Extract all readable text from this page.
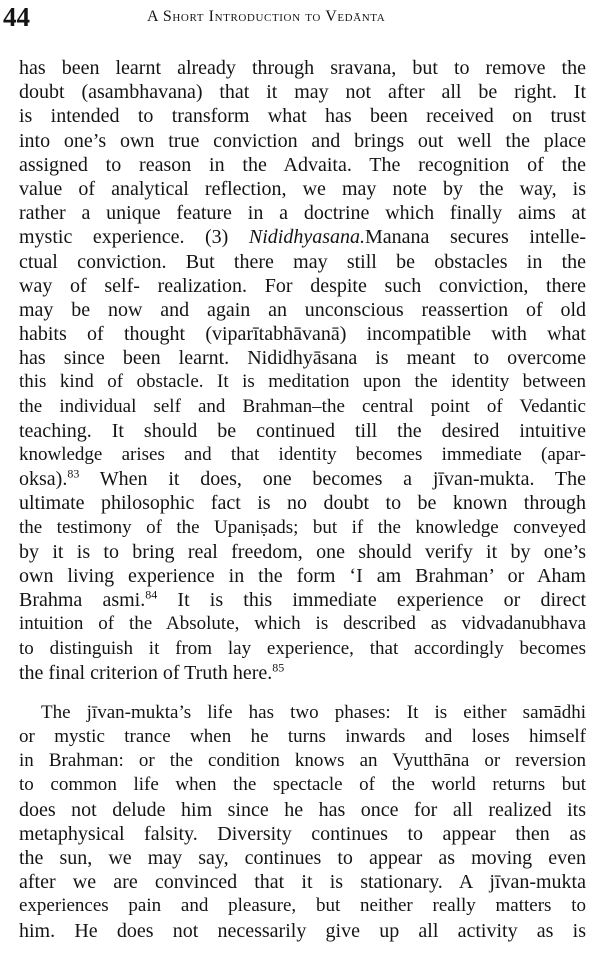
44	A Short Introduction to Vedānta
has been learnt already through sravana, but to remove the
doubt (asambhavana) that it may not after all be right. It
is intended to transform what has been received on trust
into one’s own true conviction and brings out well the place
assigned to reason in the Advaita. The recognition of the
value of analytical reflection, we may note by the way, is
rather a unique feature in a doctrine which finally aims at
mystic experience. (3) Nididhyasana.Manana secures intelle-
ctual conviction. But there may still be obstacles in the
way of self- realization. For despite such conviction, there
may be now and again an unconscious reassertion of old
habits of thought (viparītabhāvanā) incompatible with what
has since been learnt. Nididhyāsana is meant to overcome
this kind of obstacle. It is meditation upon the identity between
the individual self and Brahman–the central point of Vedantic
teaching. It should be continued till the desired intuitive
knowledge arises and that identity becomes immediate (apar-
oksa).$^{83}$ When it does, one becomes a jīvan-mukta. The
ultimate philosophic fact is no doubt to be known through
the testimony of the Upaniṣads; but if the knowledge conveyed
by it is to bring real freedom, one should verify it by one’s
own living experience in the form ‘I am Brahman’ or Aham
Brahma asmi.$^{84}$ It is this immediate experience or direct
intuition of the Absolute, which is described as vidvadanubhava
to distinguish it from lay experience, that accordingly becomes
the final criterion of Truth here.$^{85}$
The jīvan-mukta’s life has two phases: It is either samādhi
or mystic trance when he turns inwards and loses himself
in Brahman: or the condition knows an Vyutthāna or reversion
to common life when the spectacle of the world returns but
does not delude him since he has once for all realized its
metaphysical falsity. Diversity continues to appear then as
the sun, we may say, continues to appear as moving even
after we are convinced that it is stationary. A jīvan-mukta
experiences pain and pleasure, but neither really matters to
him. He does not necessarily give up all activity as is
